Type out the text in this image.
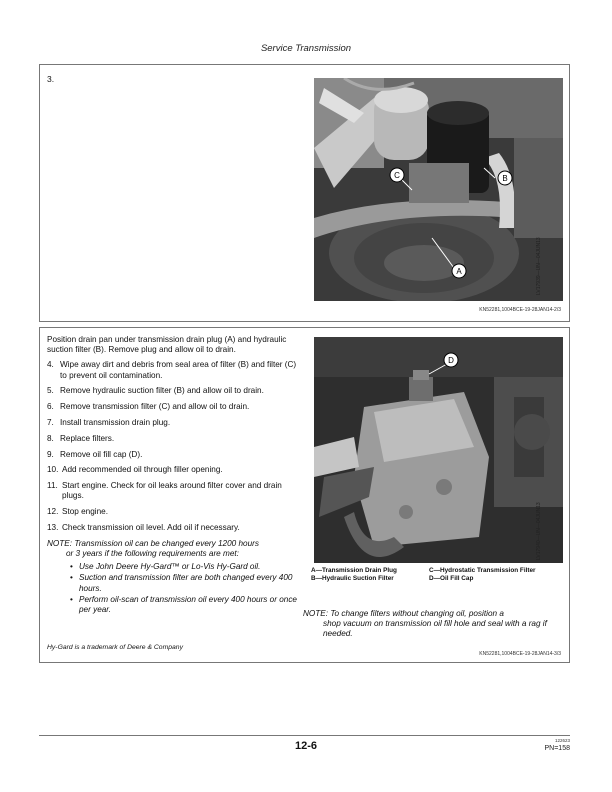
Service Transmission
3.
C	B
A	LV17939—UN—04JUN13
KN52281,1004BCE-19-28JAN14-2/3

Position drain pan under transmission drain plug (A) and hydraulic suction filter (B). Remove plug and allow oil to drain.

4. Wipe away dirt and debris from seal area of filter (B) and filter (C) to prevent oil contamination.
5. Remove hydraulic suction filter (B) and allow oil to drain.
6. Remove transmission filter (C) and allow oil to drain.
7. Install transmission drain plug.
8. Replace filters.
9. Remove oil fill cap (D).
10. Add recommended oil through filler opening.
11. Start engine. Check for oil leaks around filter cover and drain plugs.
12. Stop engine.
13. Check transmission oil level. Add oil if necessary.
NOTE: Transmission oil can be changed every 1200 hours
or 3 years if the following requirements are met:
• Use John Deere Hy-Gard™ or Lo-Vis Hy-Gard oil.
• Suction and transmission filter are both changed every 400 hours.
• Perform oil-scan of transmission oil every 400 hours or once per year.
D
LV17940—UN—04JUN13
A—Transmission Drain Plug
B—Hydraulic Suction Filter
C—Hydrostatic Transmission Filter
D—Oil Fill Cap
NOTE: To change filters without changing oil, position a
shop vacuum on transmission oil fill hole and seal with a rag if needed.
Hy-Gard is a trademark of Deere & Company
KN52281,1004BCE-19-28JAN14-3/3
12-6	122623
PN=158
